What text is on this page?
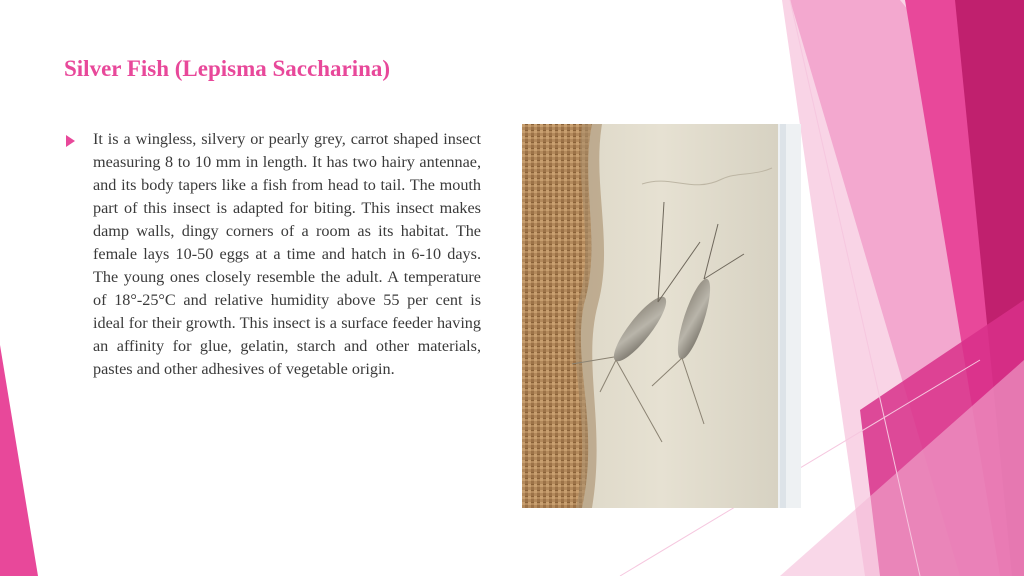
Silver Fish (Lepisma Saccharina)

It is a wingless, silvery or pearly grey, carrot shaped insect measuring 8 to 10 mm in length. It has two hairy antennae, and its body tapers like a fish from head to tail. The mouth part of this insect is adapted for biting. This insect makes damp walls, dingy corners of a room as its habitat. The female lays 10-50 eggs at a time and hatch in 6-10 days. The young ones closely resemble the adult. A temperature of 18°-25°C and relative humidity above 55 per cent is ideal for their growth. This insect is a surface feeder having an affinity for glue, gelatin, starch and other materials, pastes and other adhesives of vegetable origin.
